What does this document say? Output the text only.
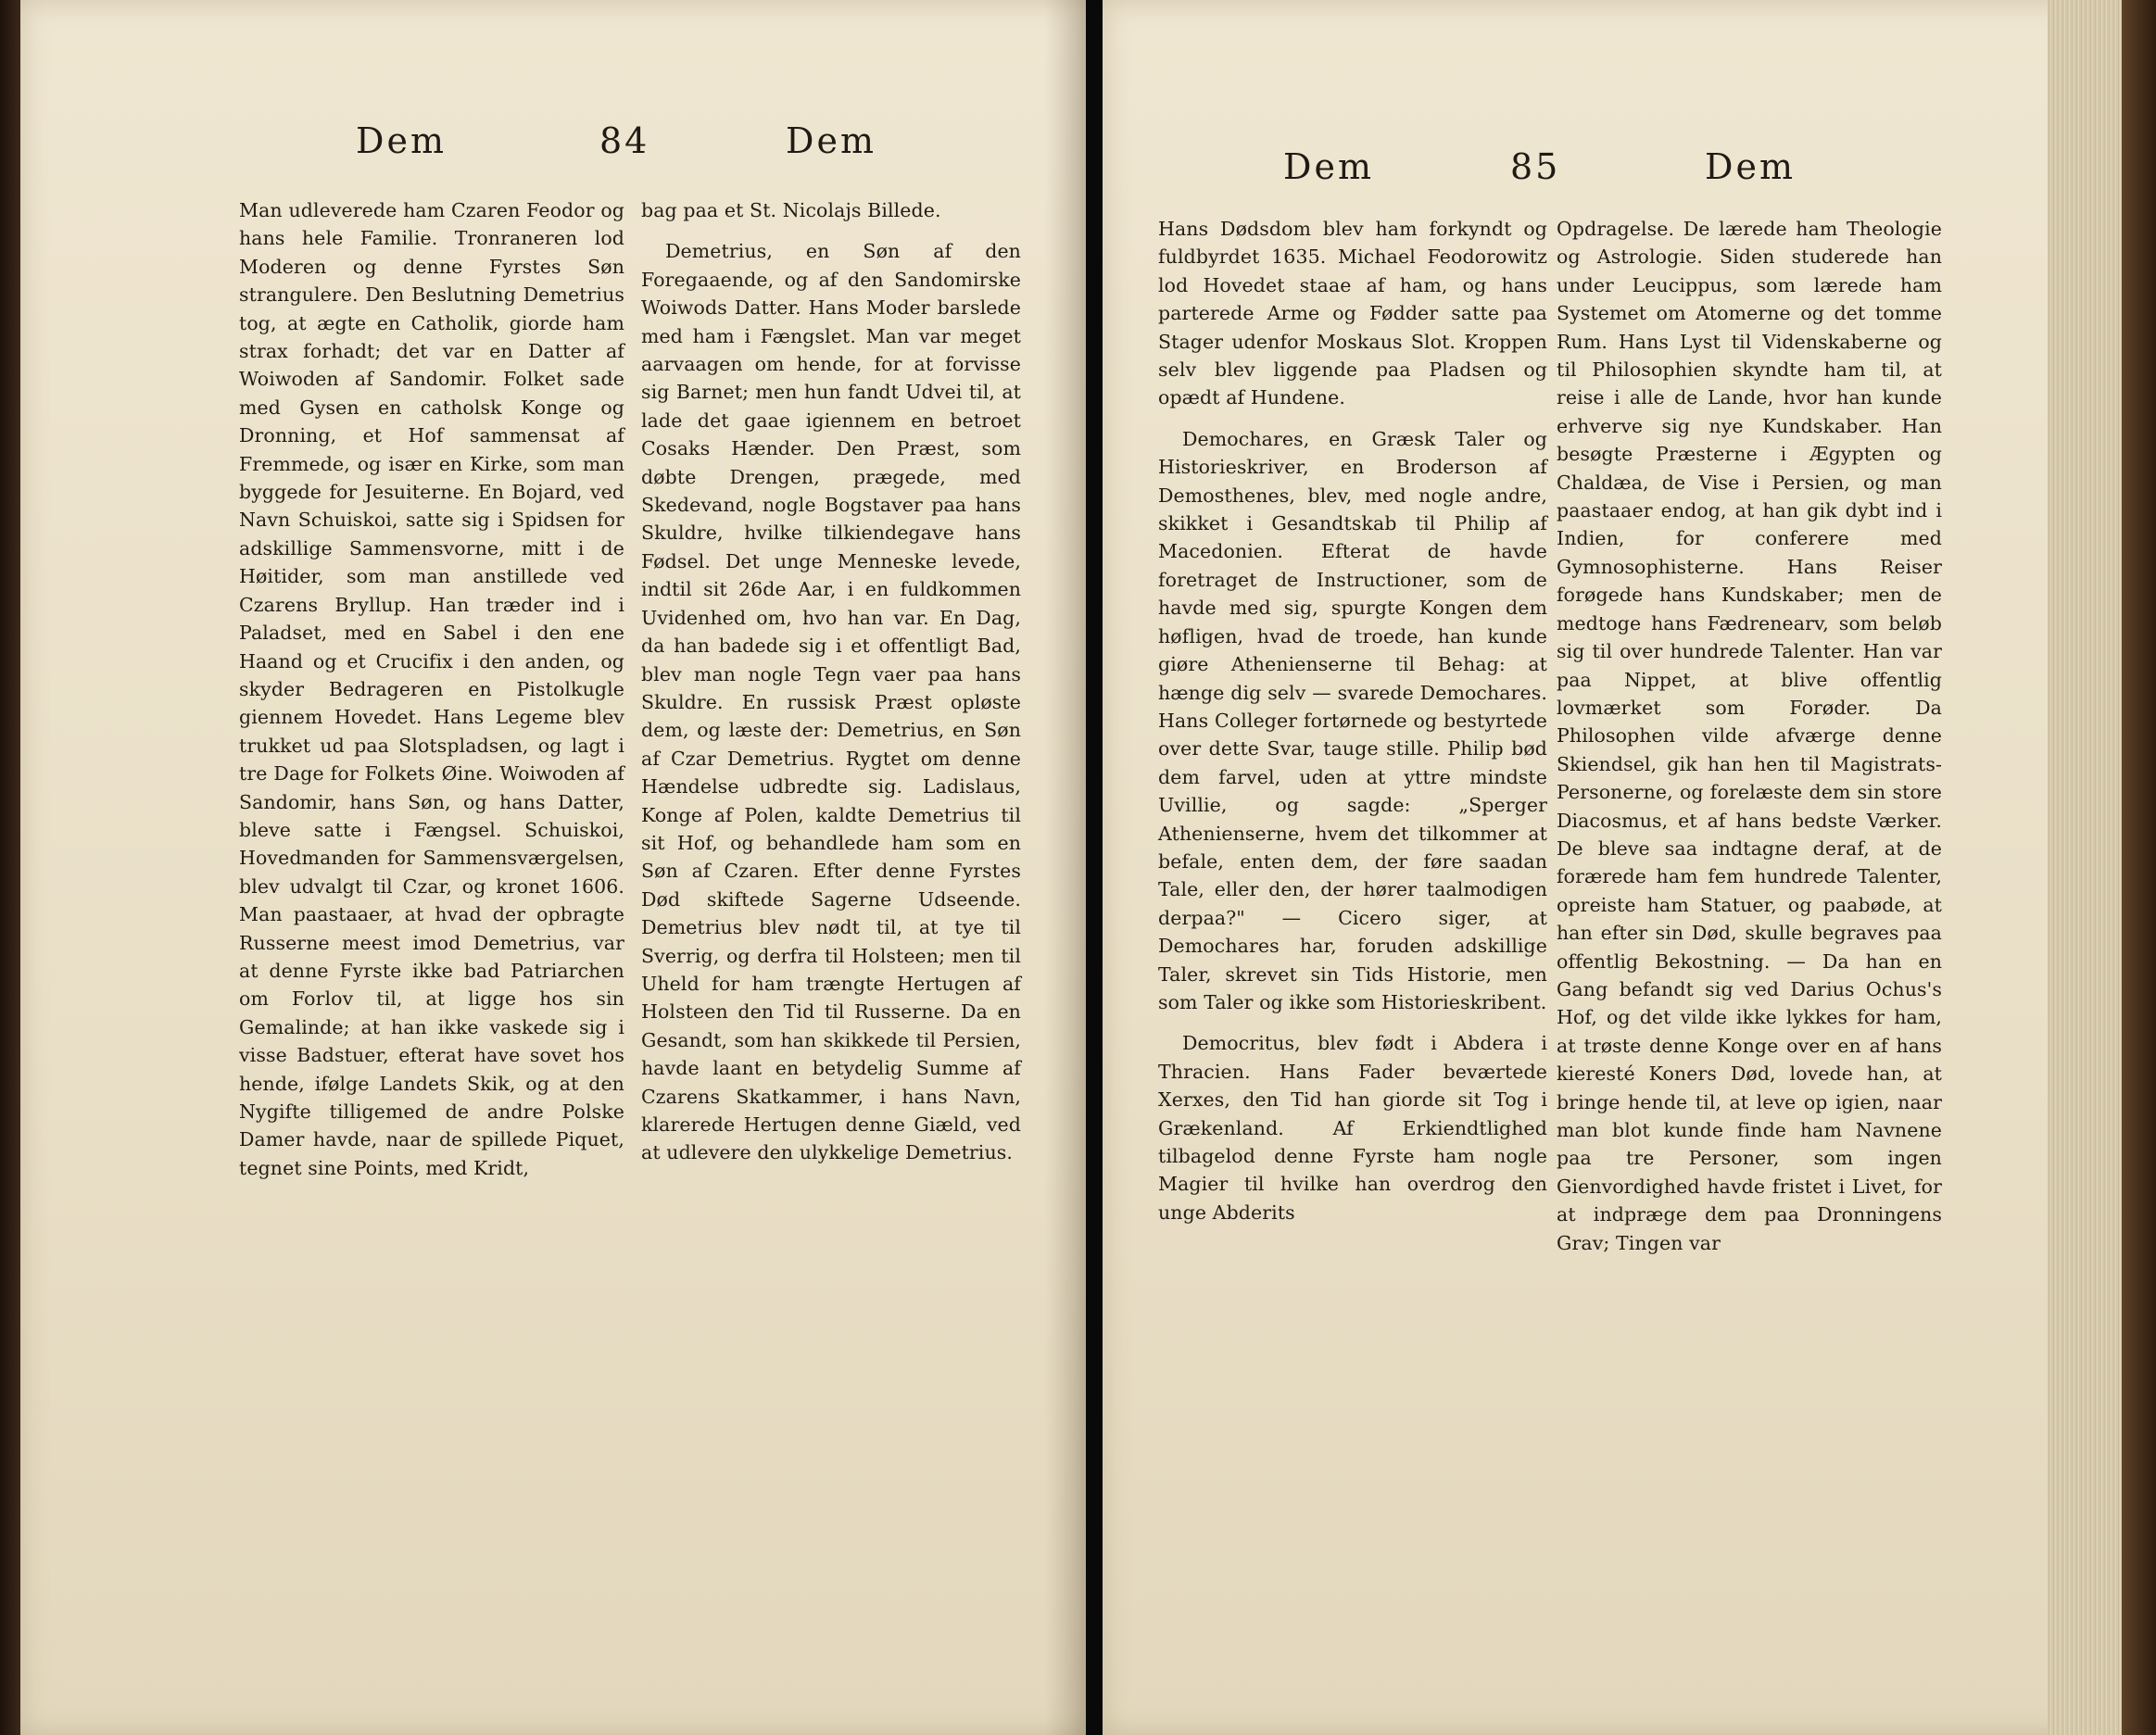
Dem	84	Dem

Man udleverede ham Czaren Feodor og hans hele Familie. Tronraneren lod Moderen og denne Fyrstes Søn strangulere. Den Beslutning Demetrius tog, at ægte en Catholik, giorde ham strax forhadt; det var en Datter af Woiwoden af Sandomir. Folket sade med Gysen en catholsk Konge og Dronning, et Hof sammensat af Fremmede, og især en Kirke, som man byggede for Jesuiterne. En Bojard, ved Navn Schuiskoi, satte sig i Spidsen for adskillige Sammensvorne, mitt i de Høitider, som man anstillede ved Czarens Bryllup. Han træder ind i Paladset, med en Sabel i den ene Haand og et Crucifix i den anden, og skyder Bedrageren en Pistolkugle giennem Hovedet. Hans Legeme blev trukket ud paa Slotspladsen, og lagt i tre Dage for Folkets Øine. Woiwoden af Sandomir, hans Søn, og hans Datter, bleve satte i Fængsel. Schuiskoi, Hovedmanden for Sammensværgelsen, blev udvalgt til Czar, og kronet 1606. Man paastaaer, at hvad der opbragte Russerne meest imod Demetrius, var at denne Fyrste ikke bad Patriarchen om Forlov til, at ligge hos sin Gemalinde; at han ikke vaskede sig i visse Badstuer, efterat have sovet hos hende, ifølge Landets Skik, og at den Nygifte tilligemed de andre Polske Damer havde, naar de spillede Piquet, tegnet sine Points, med Kridt,

bag paa et St. Nicolajs Billede.

Demetrius, en Søn af den Foregaaende, og af den Sandomirske Woiwods Datter. Hans Moder barslede med ham i Fængslet. Man var meget aarvaagen om hende, for at forvisse sig Barnet; men hun fandt Udvei til, at lade det gaae igiennem en betroet Cosaks Hænder. Den Præst, som døbte Drengen, prægede, med Skedevand, nogle Bogstaver paa hans Skuldre, hvilke tilkiendegave hans Fødsel. Det unge Menneske levede, indtil sit 26de Aar, i en fuldkommen Uvidenhed om, hvo han var. En Dag, da han badede sig i et offentligt Bad, blev man nogle Tegn vaer paa hans Skuldre. En russisk Præst opløste dem, og læste der: Demetrius, en Søn af Czar Demetrius. Rygtet om denne Hændelse udbredte sig. Ladislaus, Konge af Polen, kaldte Demetrius til sit Hof, og behandlede ham som en Søn af Czaren. Efter denne Fyrstes Død skiftede Sagerne Udseende. Demetrius blev nødt til, at tye til Sverrig, og derfra til Holsteen; men til Uheld for ham trængte Hertugen af Holsteen den Tid til Russerne. Da en Gesandt, som han skikkede til Persien, havde laant en betydelig Summe af Czarens Skatkammer, i hans Navn, klarerede Hertugen denne Giæld, ved at udlevere den ulykkelige Demetrius.

Dem	85	Dem

Hans Dødsdom blev ham forkyndt og fuldbyrdet 1635. Michael Feodorowitz lod Hovedet staae af ham, og hans parterede Arme og Fødder satte paa Stager udenfor Moskaus Slot. Kroppen selv blev liggende paa Pladsen og opædt af Hundene.

Demochares, en Græsk Taler og Historieskriver, en Broderson af Demosthenes, blev, med nogle andre, skikket i Gesandtskab til Philip af Macedonien. Efterat de havde foretraget de Instructioner, som de havde med sig, spurgte Kongen dem høfligen, hvad de troede, han kunde giøre Athenienserne til Behag: at hænge dig selv — svarede Demochares. Hans Colleger fortørnede og bestyrtede over dette Svar, tauge stille. Philip bød dem farvel, uden at yttre mindste Uvillie, og sagde: „Sperger Athenienserne, hvem det tilkommer at befale, enten dem, der føre saadan Tale, eller den, der hører taalmodigen derpaa?" — Cicero siger, at Demochares har, foruden adskillige Taler, skrevet sin Tids Historie, men som Taler og ikke som Historieskribent.

Democritus, blev født i Abdera i Thracien. Hans Fader beværtede Xerxes, den Tid han giorde sit Tog i Grækenland. Af Erkiendtlighed tilbagelod denne Fyrste ham nogle Magier til hvilke han overdrog den unge Abderits

Opdragelse. De lærede ham Theologie og Astrologie. Siden studerede han under Leucippus, som lærede ham Systemet om Atomerne og det tomme Rum. Hans Lyst til Videnskaberne og til Philosophien skyndte ham til, at reise i alle de Lande, hvor han kunde erhverve sig nye Kundskaber. Han besøgte Præsterne i Ægypten og Chaldæa, de Vise i Persien, og man paastaaer endog, at han gik dybt ind i Indien, for conferere med Gymnosophisterne. Hans Reiser forøgede hans Kundskaber; men de medtoge hans Fædrenearv, som beløb sig til over hundrede Talenter. Han var paa Nippet, at blive offentlig lovmærket som Forøder. Da Philosophen vilde afværge denne Skiendsel, gik han hen til Magistrats-Personerne, og forelæste dem sin store Diacosmus, et af hans bedste Værker. De bleve saa indtagne deraf, at de forærede ham fem hundrede Talenter, opreiste ham Statuer, og paabøde, at han efter sin Død, skulle begraves paa offentlig Bekostning. — Da han en Gang befandt sig ved Darius Ochus's Hof, og det vilde ikke lykkes for ham, at trøste denne Konge over en af hans kieresté Koners Død, lovede han, at bringe hende til, at leve op igien, naar man blot kunde finde ham Navnene paa tre Personer, som ingen Gienvordighed havde fristet i Livet, for at indpræge dem paa Dronningens Grav; Tingen var
